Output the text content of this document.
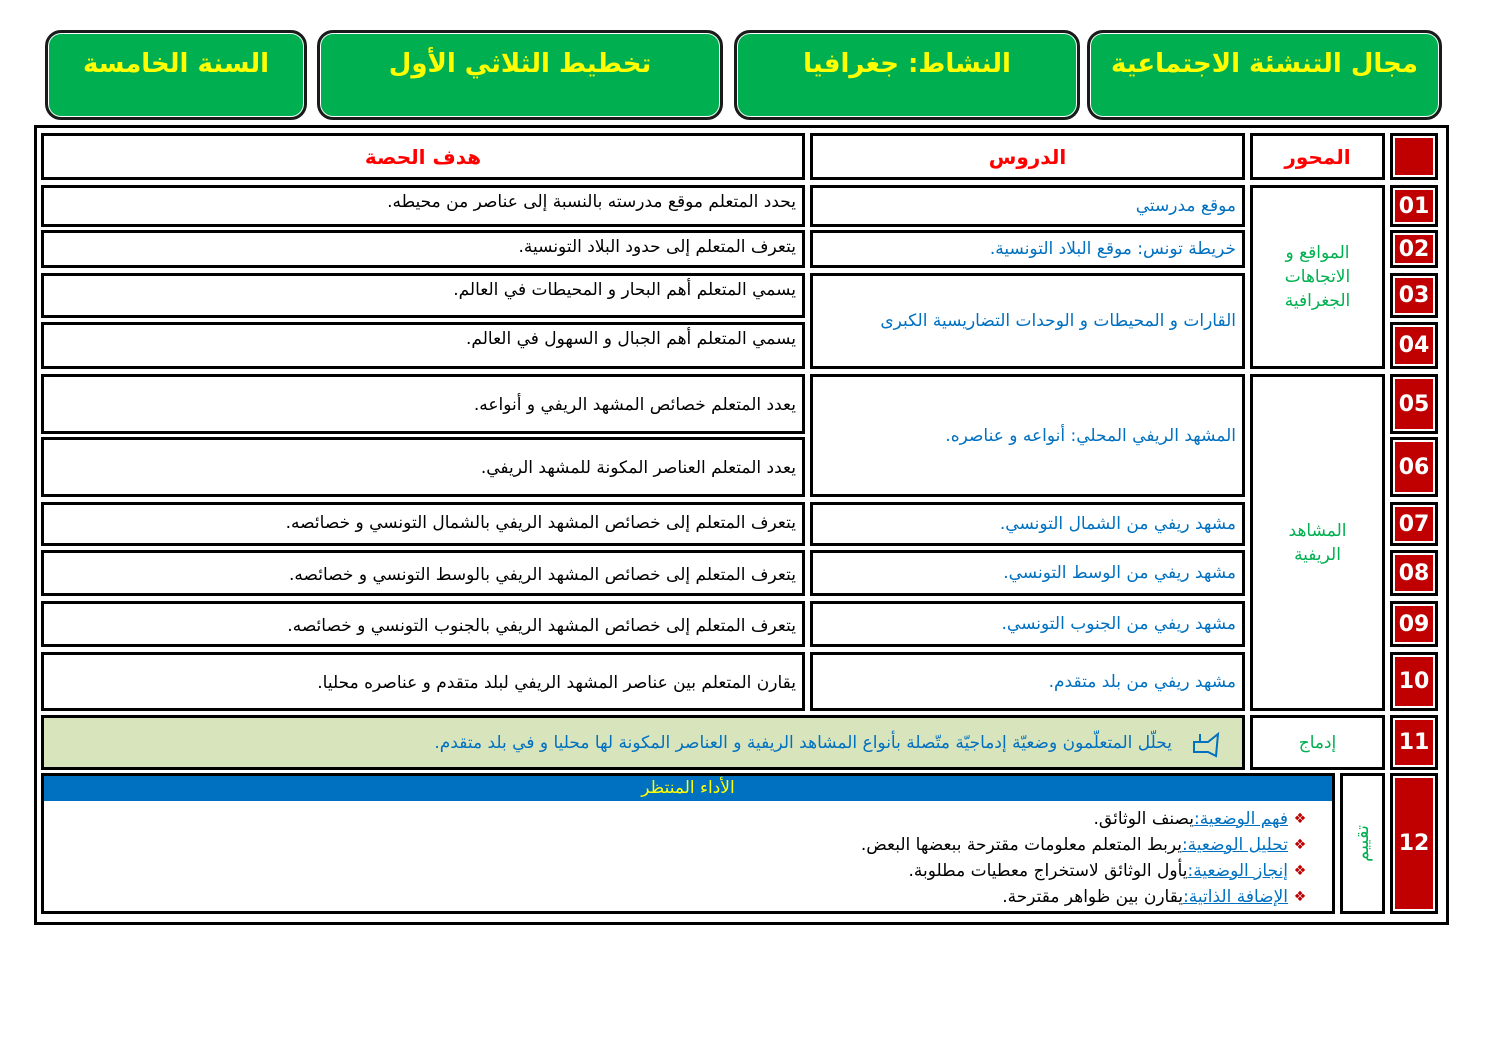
مجال التنشئة الاجتماعية
النشاط: جغرافيا
تخطيط الثلاثي الأول
السنة الخامسة
المحور
الدروس
هدف الحصة
01
02
03
04
05
06
07
08
09
10
11
12
المواقع و الاتجاهات الجغرافية
المشاهد الريفية
إدماج
تقييم
موقع مدرستي
خريطة تونس: موقع البلاد التونسية.
القارات و المحيطات و الوحدات التضاريسية الكبرى
المشهد الريفي المحلي: أنواعه و عناصره.
مشهد ريفي من الشمال التونسي.
مشهد ريفي من الوسط التونسي.
مشهد ريفي من الجنوب التونسي.
مشهد ريفي من بلد متقدم.
يحدد المتعلم موقع مدرسته بالنسبة إلى عناصر من محيطه.
يتعرف المتعلم إلى حدود البلاد التونسية.
يسمي المتعلم أهم البحار و المحيطات في العالم.
يسمي المتعلم أهم الجبال و السهول في العالم.
يعدد المتعلم خصائص المشهد الريفي و أنواعه.
يعدد المتعلم العناصر المكونة للمشهد الريفي.
يتعرف المتعلم إلى خصائص المشهد الريفي بالشمال التونسي و خصائصه.
يتعرف المتعلم إلى خصائص المشهد الريفي بالوسط التونسي و خصائصه.
يتعرف المتعلم إلى خصائص المشهد الريفي بالجنوب التونسي و خصائصه.
يقارن المتعلم بين عناصر المشهد الريفي لبلد متقدم و عناصره محليا.
يحلّل المتعلّمون وضعيّة إدماجيّة متّصلة بأنواع المشاهد الريفية و العناصر المكونة لها محليا و في بلد متقدم.
الأداء المنتظر
❖
فهم الوضعية:
يصنف الوثائق.
❖
تحليل الوضعية:
يربط المتعلم معلومات مقترحة ببعضها البعض.
❖
إنجاز الوضعية:
يأول الوثائق لاستخراج معطيات مطلوبة.
❖
الإضافة الذاتية:
يقارن بين ظواهر مقترحة.
